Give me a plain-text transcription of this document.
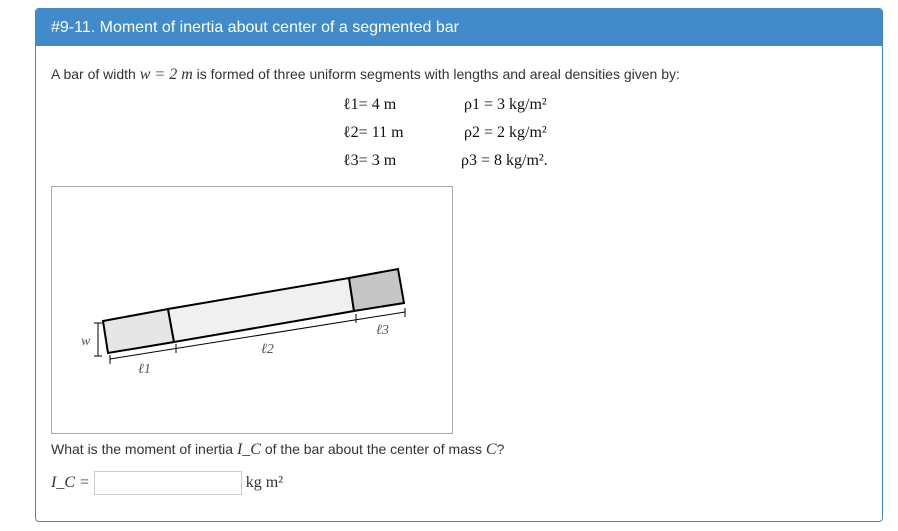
#9-11. Moment of inertia about center of a segmented bar
A bar of width w = 2 m is formed of three uniform segments with lengths and areal densities given by:
ℓ1= 4 m	ρ1 = 3 kg/m²
ℓ2= 11 m	ρ2 = 2 kg/m²
ℓ3= 3 m	ρ3 = 8 kg/m².
w
ℓ1
ℓ2
ℓ3
What is the moment of inertia I_C of the bar about the center of mass C?
I_C =	kg m²
